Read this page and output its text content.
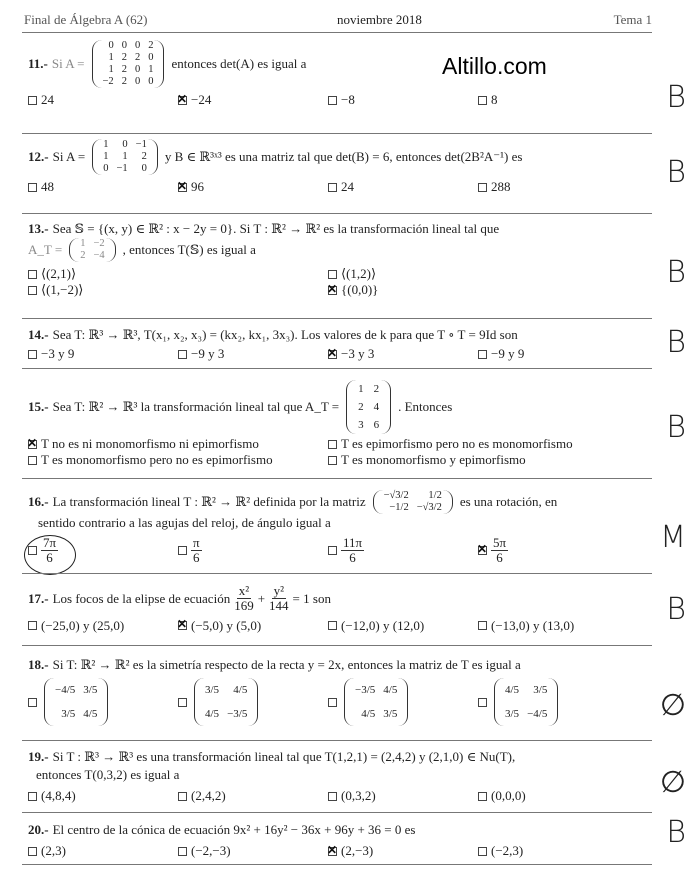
Final de Álgebra A (62)	noviembre 2018	Tema 1
Altillo.com
11.- Si A =
0	0	0	2
1	2	2	0
1	2	0	1
−2	2	0	0
entonces det(A) es igual a
24 ✕	−24	−8	8	B
12.- Si A =
1	0	−1
1	1	2
0	−1	0
y B ∈ ℝ³ˣ³ es una matriz tal que det(B) = 6, entonces det(2B²A⁻¹) es
48 ✕	96	24	288	B
13.- Sea 𝕊 = {(x, y) ∈ ℝ² : x − 2y = 0}. Si T : ℝ² → ℝ² es la transformación lineal tal que
A_T = 1	−2
2	−4 , entonces T(𝕊) es igual a
⟨(2,1)⟩	⟨(1,2)⟩
⟨(1,−2)⟩ ✕	{(0,0)}	B
14.- Sea T: ℝ³ → ℝ³, T(x₁, x₂, x₃) = (kx₂, kx₁, 3x₃). Los valores de k para que T ∘ T = 9Id son
−3 y 9	−9 y 3 ✕	−3 y 3	−9 y 9	B
15.- Sea T: ℝ² → ℝ³ la transformación lineal tal que A_T =
1	2
2	4
3	6
. Entonces
✕
T no es ni monomorfismo ni epimorfismo	T es epimorfismo pero no es monomorfismo
T es monomorfismo pero no es epimorfismo	T es monomorfismo y epimorfismo
B
16.- La transformación lineal T : ℝ² → ℝ² definida por la matriz −√3/2	1/2
−1/2	−√3/2 es una rotación, en
sentido contrario a las agujas del reloj, de ángulo igual a
$\frac{7\pi}{6}$	$\frac{\pi}{6}$	$\frac{11\pi}{6}$
✕	$\frac{5\pi}{6}$	M
17.- Los focos de la elipse de ecuación $\frac{\text{x²}}{169} + \frac{\text{y²}}{144} = 1$ son
(−25,0) y (25,0) ✕	(−5,0) y (5,0)	(−12,0) y (12,0)	(−13,0) y (13,0)	B
18.- Si T: ℝ² → ℝ² es la simetría respecto de la recta y = 2x, entonces la matriz de T es igual a
−4/5	3/5
3/5	4/5
3/5	4/5
4/5	−3/5
−3/5	4/5
4/5	3/5
4/5	3/5
3/5	−4/5	∅
19.- Si T : ℝ³ → ℝ³ es una transformación lineal tal que T(1,2,1) = (2,4,2) y (2,1,0) ∈ Nu(T),
entonces T(0,3,2) es igual a
(4,8,4)	(2,4,2)	(0,3,2)	(0,0,0)	∅
20.- El centro de la cónica de ecuación 9x² + 16y² − 36x + 96y + 36 = 0 es
(2,3)	(−2,−3) ✕	(2,−3)	(−2,3)
B
